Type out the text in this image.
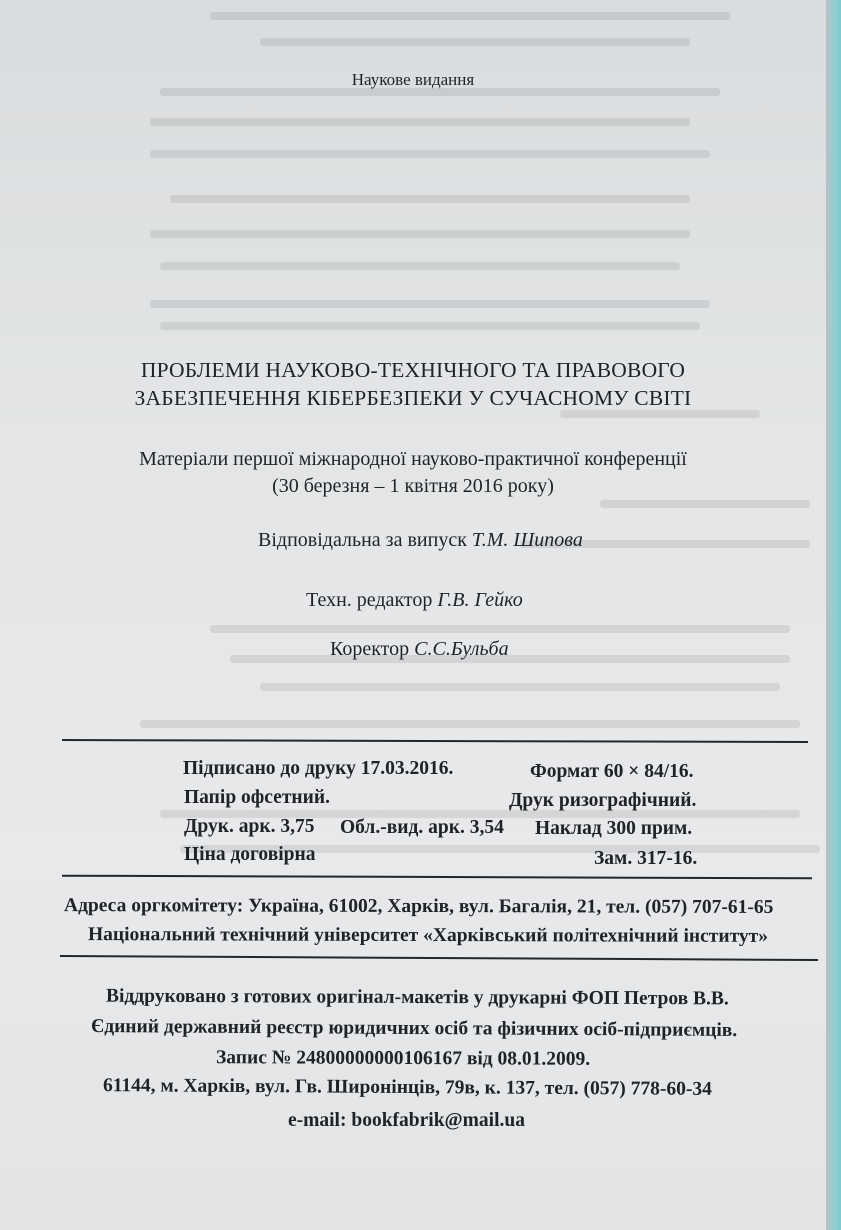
Наукове видання
ПРОБЛЕМИ НАУКОВО-ТЕХНІЧНОГО ТА ПРАВОВОГО
ЗАБЕЗПЕЧЕННЯ КІБЕРБЕЗПЕКИ У СУЧАСНОМУ СВІТІ
Матеріали першої міжнародної науково-практичної конференції
(30 березня – 1 квітня 2016 року)
Відповідальна за випуск Т.М. Шипова
Техн. редактор Г.В. Гейко
Коректор С.С.Бульба
Підписано до друку 17.03.2016.	Формат 60 × 84/16.
Папір офсетний.	Друк ризографічний.
Друк. арк. 3,75 Обл.-вид. арк. 3,54 Наклад 300 прим.
Ціна договірна	Зам. 317-16.
Адреса оргкомітету: Україна, 61002, Харків, вул. Багалія, 21, тел. (057) 707-61-65
Національний технічний університет «Харківський політехнічний інститут»
Віддруковано з готових оригінал-макетів у друкарні ФОП Петров В.В.
Єдиний державний реєстр юридичних осіб та фізичних осіб-підприємців.
Запис № 24800000000106167 від 08.01.2009.
61144, м. Харків, вул. Гв. Широнінців, 79в, к. 137, тел. (057) 778-60-34
e-mail: bookfabrik@mail.ua
